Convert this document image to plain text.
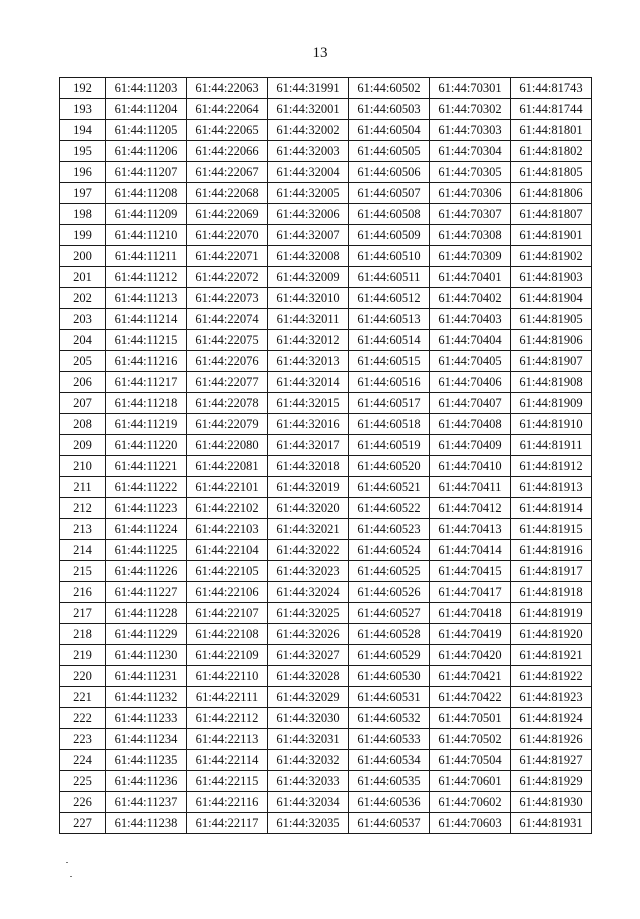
13
192	61:44:11203	61:44:22063	61:44:31991	61:44:60502	61:44:70301	61:44:81743
193	61:44:11204	61:44:22064	61:44:32001	61:44:60503	61:44:70302	61:44:81744
194	61:44:11205	61:44:22065	61:44:32002	61:44:60504	61:44:70303	61:44:81801
195	61:44:11206	61:44:22066	61:44:32003	61:44:60505	61:44:70304	61:44:81802
196	61:44:11207	61:44:22067	61:44:32004	61:44:60506	61:44:70305	61:44:81805
197	61:44:11208	61:44:22068	61:44:32005	61:44:60507	61:44:70306	61:44:81806
198	61:44:11209	61:44:22069	61:44:32006	61:44:60508	61:44:70307	61:44:81807
199	61:44:11210	61:44:22070	61:44:32007	61:44:60509	61:44:70308	61:44:81901
200	61:44:11211	61:44:22071	61:44:32008	61:44:60510	61:44:70309	61:44:81902
201	61:44:11212	61:44:22072	61:44:32009	61:44:60511	61:44:70401	61:44:81903
202	61:44:11213	61:44:22073	61:44:32010	61:44:60512	61:44:70402	61:44:81904
203	61:44:11214	61:44:22074	61:44:32011	61:44:60513	61:44:70403	61:44:81905
204	61:44:11215	61:44:22075	61:44:32012	61:44:60514	61:44:70404	61:44:81906
205	61:44:11216	61:44:22076	61:44:32013	61:44:60515	61:44:70405	61:44:81907
206	61:44:11217	61:44:22077	61:44:32014	61:44:60516	61:44:70406	61:44:81908
207	61:44:11218	61:44:22078	61:44:32015	61:44:60517	61:44:70407	61:44:81909
208	61:44:11219	61:44:22079	61:44:32016	61:44:60518	61:44:70408	61:44:81910
209	61:44:11220	61:44:22080	61:44:32017	61:44:60519	61:44:70409	61:44:81911
210	61:44:11221	61:44:22081	61:44:32018	61:44:60520	61:44:70410	61:44:81912
211	61:44:11222	61:44:22101	61:44:32019	61:44:60521	61:44:70411	61:44:81913
212	61:44:11223	61:44:22102	61:44:32020	61:44:60522	61:44:70412	61:44:81914
213	61:44:11224	61:44:22103	61:44:32021	61:44:60523	61:44:70413	61:44:81915
214	61:44:11225	61:44:22104	61:44:32022	61:44:60524	61:44:70414	61:44:81916
215	61:44:11226	61:44:22105	61:44:32023	61:44:60525	61:44:70415	61:44:81917
216	61:44:11227	61:44:22106	61:44:32024	61:44:60526	61:44:70417	61:44:81918
217	61:44:11228	61:44:22107	61:44:32025	61:44:60527	61:44:70418	61:44:81919
218	61:44:11229	61:44:22108	61:44:32026	61:44:60528	61:44:70419	61:44:81920
219	61:44:11230	61:44:22109	61:44:32027	61:44:60529	61:44:70420	61:44:81921
220	61:44:11231	61:44:22110	61:44:32028	61:44:60530	61:44:70421	61:44:81922
221	61:44:11232	61:44:22111	61:44:32029	61:44:60531	61:44:70422	61:44:81923
222	61:44:11233	61:44:22112	61:44:32030	61:44:60532	61:44:70501	61:44:81924
223	61:44:11234	61:44:22113	61:44:32031	61:44:60533	61:44:70502	61:44:81926
224	61:44:11235	61:44:22114	61:44:32032	61:44:60534	61:44:70504	61:44:81927
225	61:44:11236	61:44:22115	61:44:32033	61:44:60535	61:44:70601	61:44:81929
226	61:44:11237	61:44:22116	61:44:32034	61:44:60536	61:44:70602	61:44:81930
227	61:44:11238	61:44:22117	61:44:32035	61:44:60537	61:44:70603	61:44:81931
